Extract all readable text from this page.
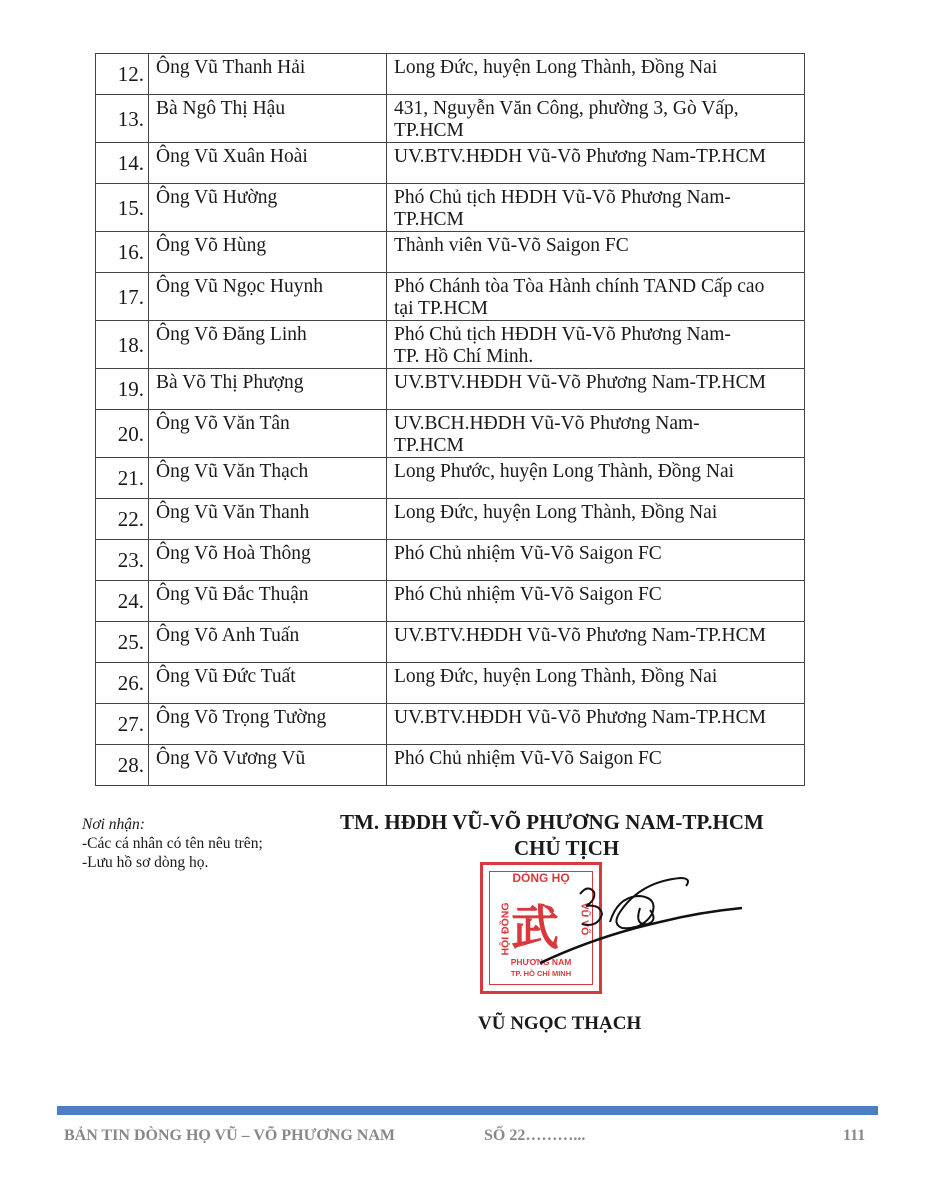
12.	Ông Vũ Thanh Hải	Long Đức, huyện Long Thành, Đồng Nai
13.	Bà Ngô Thị Hậu	431, Nguyễn Văn Công, phường 3, Gò Vấp,
TP.HCM
14.	Ông Vũ Xuân Hoài	UV.BTV.HĐDH Vũ-Võ Phương Nam-TP.HCM
15.	Ông Vũ Hường	Phó Chủ tịch HĐDH Vũ-Võ Phương Nam-
TP.HCM
16.	Ông Võ Hùng	Thành viên Vũ-Võ Saigon FC
17.	Ông Vũ Ngọc Huynh	Phó Chánh tòa Tòa Hành chính TAND Cấp cao
tại TP.HCM
18.	Ông Võ Đăng Linh	Phó Chủ tịch HĐDH Vũ-Võ Phương Nam-
TP. Hồ Chí Minh.
19.	Bà Võ Thị Phượng	UV.BTV.HĐDH Vũ-Võ Phương Nam-TP.HCM
20.	Ông Võ Văn Tân	UV.BCH.HĐDH Vũ-Võ Phương Nam-
TP.HCM
21.	Ông Vũ Văn Thạch	Long Phước, huyện Long Thành, Đồng Nai
22.	Ông Vũ Văn Thanh	Long Đức, huyện Long Thành, Đồng Nai
23.	Ông Võ Hoà Thông	Phó Chủ nhiệm Vũ-Võ Saigon FC
24.	Ông Vũ Đắc Thuận	Phó Chủ nhiệm Vũ-Võ Saigon FC
25.	Ông Võ Anh Tuấn	UV.BTV.HĐDH Vũ-Võ Phương Nam-TP.HCM
26.	Ông Vũ Đức Tuất	Long Đức, huyện Long Thành, Đồng Nai
27.	Ông Võ Trọng Tường	UV.BTV.HĐDH Vũ-Võ Phương Nam-TP.HCM
28.	Ông Võ Vương Vũ	Phó Chủ nhiệm Vũ-Võ Saigon FC
Nơi nhận:
-Các cá nhân có tên nêu trên;
-Lưu hồ sơ dòng họ.
TM. HĐDH VŨ-VÕ PHƯƠNG NAM-TP.HCM
CHỦ TỊCH
DÒNG HỌ
HỘI ĐỒNG	VŨ VÕ
武
PHƯƠNG NAM
TP. HỒ CHÍ MINH
VŨ NGỌC THẠCH
BẢN TIN DÒNG HỌ VŨ – VÕ PHƯƠNG NAM	SỐ 22………...	111
